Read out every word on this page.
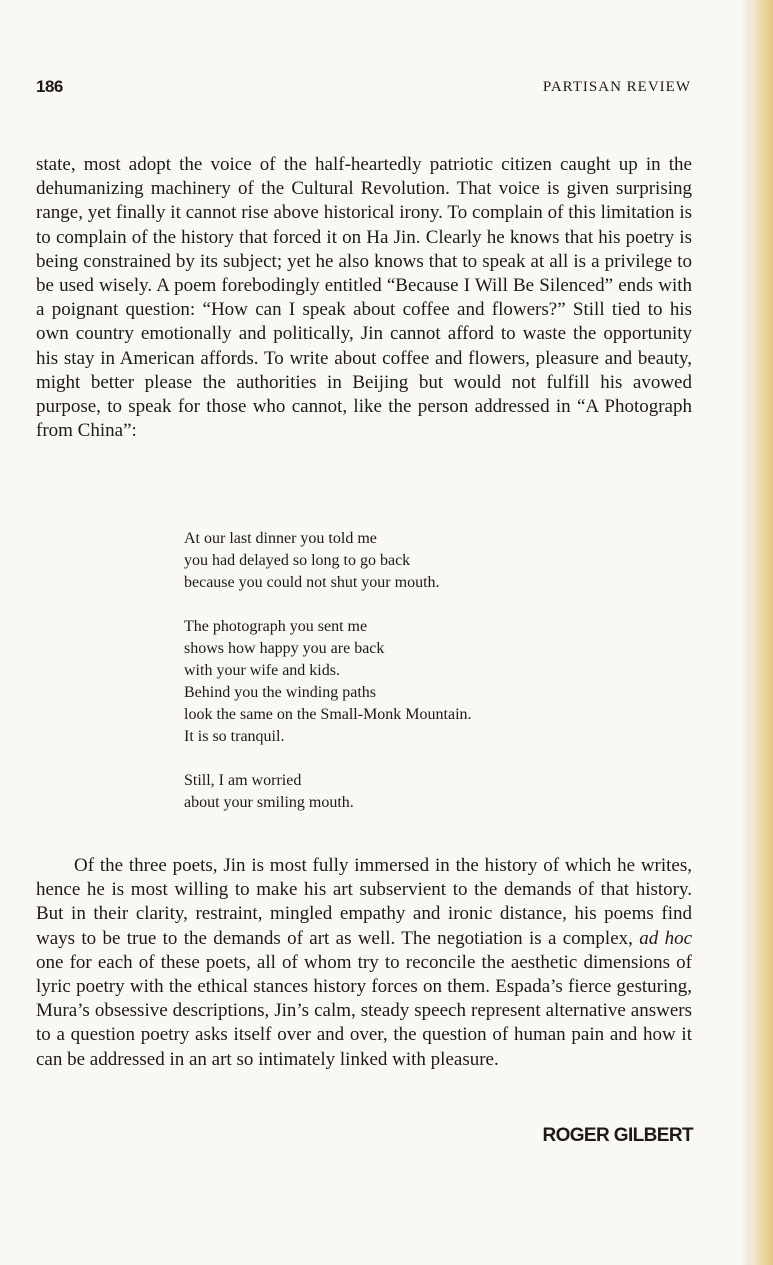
186	PARTISAN REVIEW

state, most adopt the voice of the half-heartedly patriotic citizen caught up in the dehumanizing machinery of the Cultural Revolution. That voice is given surprising range, yet finally it cannot rise above historical irony. To complain of this limitation is to complain of the history that forced it on Ha Jin. Clearly he knows that his poetry is being constrained by its subject; yet he also knows that to speak at all is a privilege to be used wisely. A poem forebodingly entitled “Because I Will Be Silenced” ends with a poignant question: “How can I speak about coffee and flowers?” Still tied to his own country emotionally and politically, Jin cannot afford to waste the opportunity his stay in American affords. To write about coffee and flowers, pleasure and beauty, might better please the authorities in Beijing but would not fulfill his avowed purpose, to speak for those who cannot, like the person addressed in “A Photograph from China”:

At our last dinner you told me
you had delayed so long to go back
because you could not shut your mouth.
The photograph you sent me
shows how happy you are back
with your wife and kids.
Behind you the winding paths
look the same on the Small-Monk Mountain.
It is so tranquil.
Still, I am worried
about your smiling mouth.

Of the three poets, Jin is most fully immersed in the history of which he writes, hence he is most willing to make his art subservient to the demands of that history. But in their clarity, restraint, mingled empathy and ironic distance, his poems find ways to be true to the demands of art as well. The negotiation is a complex, ad hoc one for each of these poets, all of whom try to reconcile the aesthetic dimensions of lyric poetry with the ethical stances history forces on them. Espada’s fierce gesturing, Mura’s obsessive descriptions, Jin’s calm, steady speech represent alternative answers to a question poetry asks itself over and over, the question of human pain and how it can be addressed in an art so intimately linked with pleasure.

ROGER GILBERT
